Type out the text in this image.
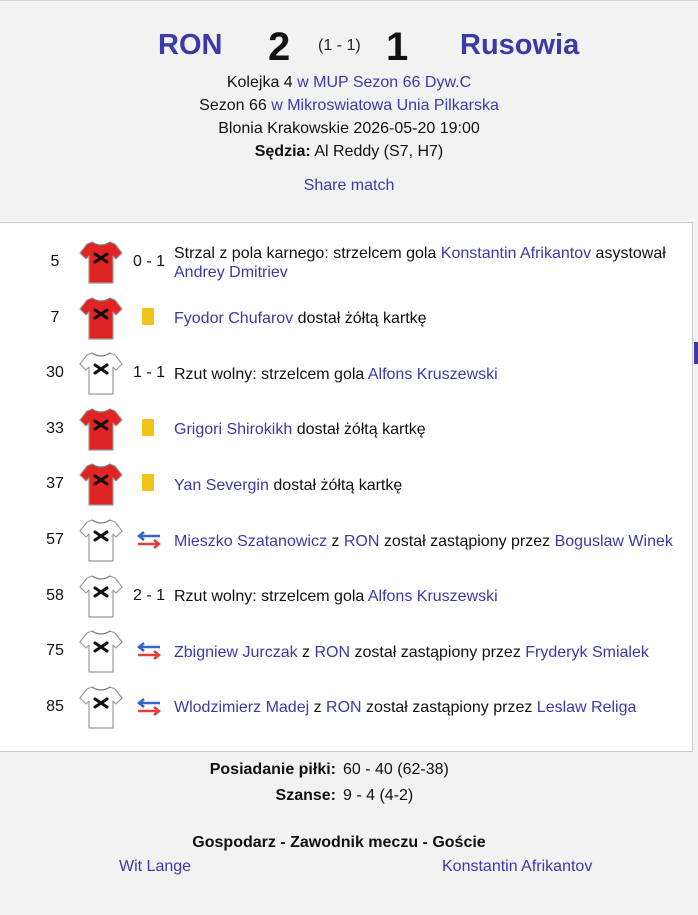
RON 2 (1 - 1) 1 Rusowia
Kolejka 4 w MUP Sezon 66 Dyw.C
Sezon 66 w Mikroswiatowa Unia Pilkarska
Blonia Krakowskie 2026-05-20 19:00
Sędzia: Al Reddy (S7, H7)
Share match
5	0 - 1 Strzal z pola karnego: strzelcem gola Konstantin Afrikantov asystował Andrey Dmitriev
7	Fyodor Chufarov dostał żółtą kartkę
30	1 - 1 Rzut wolny: strzelcem gola Alfons Kruszewski
33	Grigori Shirokikh dostał żółtą kartkę
37	Yan Severgin dostał żółtą kartkę
57	Mieszko Szatanowicz z RON został zastąpiony przez Boguslaw Winek
58	2 - 1 Rzut wolny: strzelcem gola Alfons Kruszewski
75	Zbigniew Jurczak z RON został zastąpiony przez Fryderyk Smialek
85	Wlodzimierz Madej z RON został zastąpiony przez Leslaw Religa
Posiadanie piłki: 60 - 40 (62-38)
Szanse: 9 - 4 (4-2)
Gospodarz - Zawodnik meczu - Goście
Wit Lange	Konstantin Afrikantov
